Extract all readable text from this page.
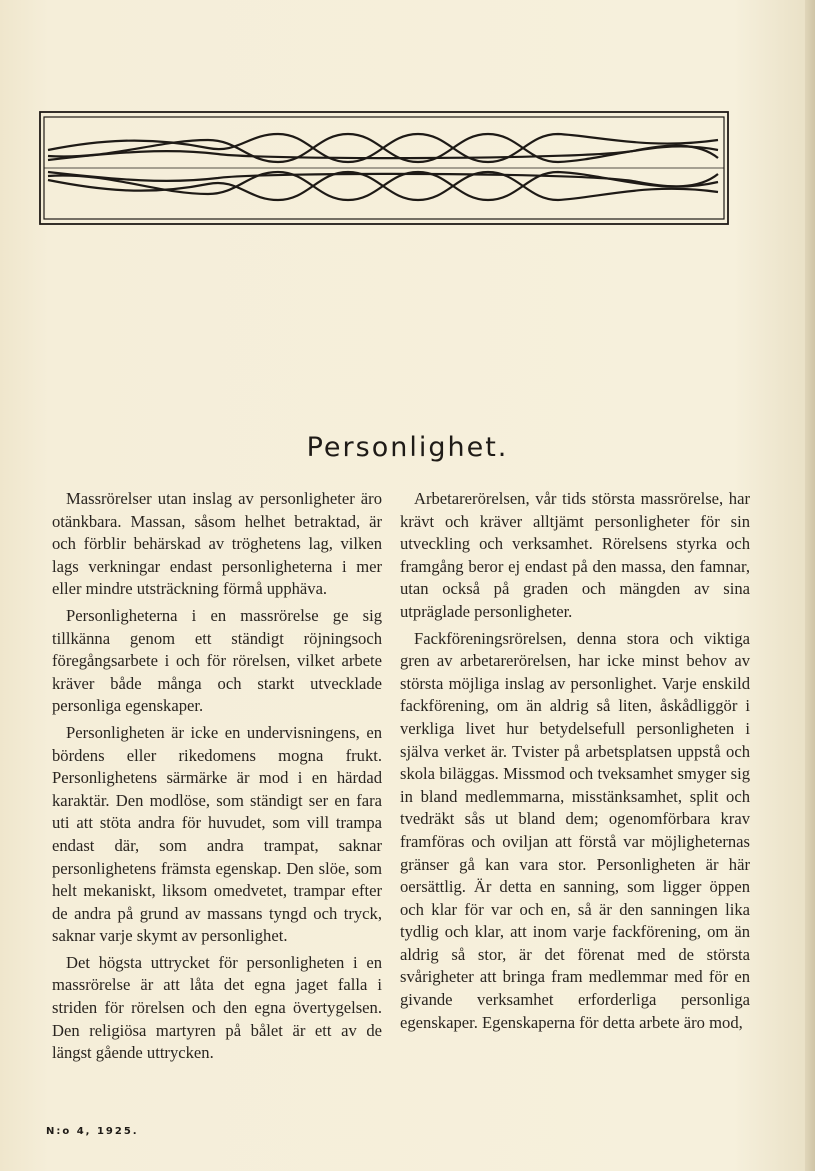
Personlighet.

Massrörelser utan inslag av personligheter äro otänkbara. Massan, såsom helhet betraktad, är och förblir behärskad av tröghetens lag, vilken lags verkningar endast personligheterna i mer eller mindre utsträckning förmå upphäva.

Personligheterna i en massrörelse ge sig tillkänna genom ett ständigt röjningsoch föregångsarbete i och för rörelsen, vilket arbete kräver både många och starkt utvecklade personliga egenskaper.

Personligheten är icke en undervisningens, en bördens eller rikedomens mogna frukt. Personlighetens särmärke är mod i en härdad karaktär. Den modlöse, som ständigt ser en fara uti att stöta andra för huvudet, som vill trampa endast där, som andra trampat, saknar personlighetens främsta egenskap. Den slöe, som helt mekaniskt, liksom omedvetet, trampar efter de andra på grund av massans tyngd och tryck, saknar varje skymt av personlighet.

Det högsta uttrycket för personligheten i en massrörelse är att låta det egna jaget falla i striden för rörelsen och den egna övertygelsen. Den religiösa martyren på bålet är ett av de längst gående uttrycken.

Arbetarerörelsen, vår tids största massrörelse, har krävt och kräver alltjämt personligheter för sin utveckling och verksamhet. Rörelsens styrka och framgång beror ej endast på den massa, den famnar, utan också på graden och mängden av sina utpräglade personligheter.

Fackföreningsrörelsen, denna stora och viktiga gren av arbetarerörelsen, har icke minst behov av största möjliga inslag av personlighet. Varje enskild fackförening, om än aldrig så liten, åskådliggör i verkliga livet hur betydelsefull personligheten i själva verket är. Tvister på arbetsplatsen uppstå och skola biläggas. Missmod och tveksamhet smyger sig in bland medlemmarna, misstänksamhet, split och tvedräkt sås ut bland dem; ogenomförbara krav framföras och oviljan att förstå var möjligheternas gränser gå kan vara stor. Personligheten är här oersättlig. Är detta en sanning, som ligger öppen och klar för var och en, så är den sanningen lika tydlig och klar, att inom varje fackförening, om än aldrig så stor, är det förenat med de största svårigheter att bringa fram medlemmar med för en givande verksamhet erforderliga personliga egenskaper. Egenskaperna för detta arbete äro mod,

N:o 4, 1925.
